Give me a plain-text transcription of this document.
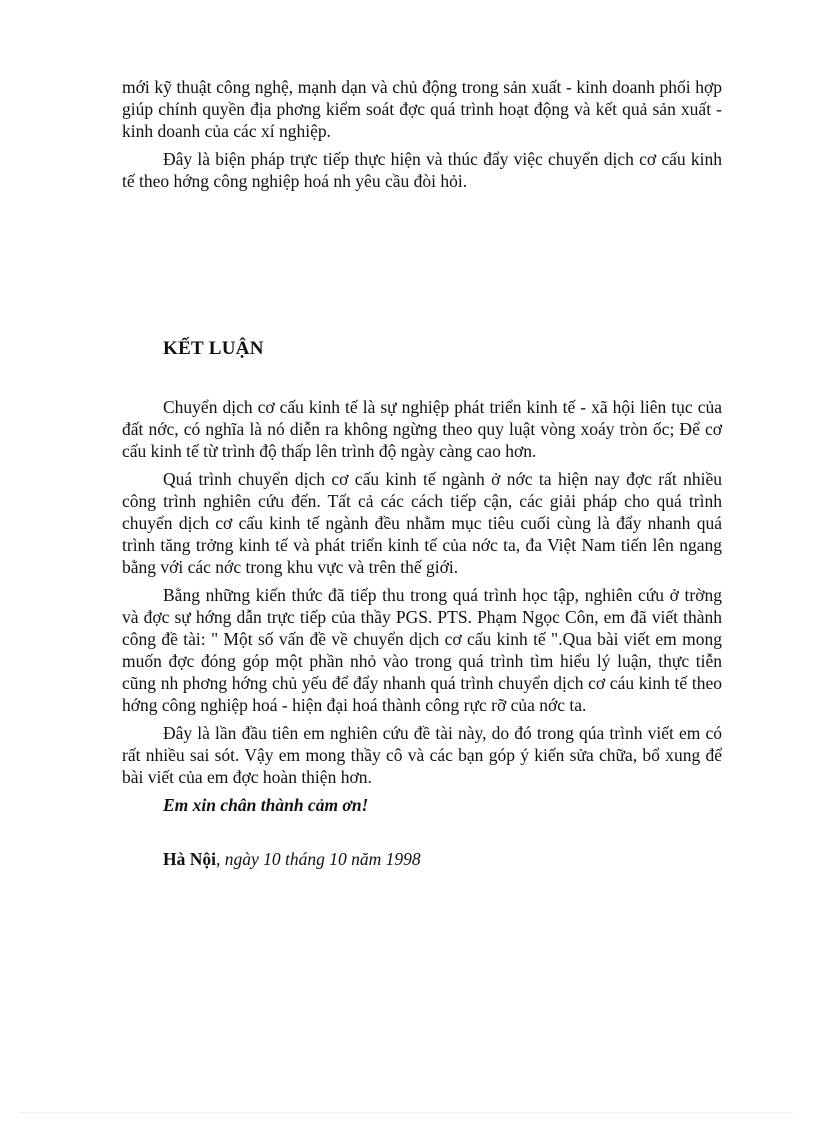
mới kỹ thuật công nghệ, mạnh dạn và chủ động trong sản xuất - kinh doanh phối hợp giúp chính quyền địa phơng kiểm soát đợc quá trình hoạt động và kết quả sản xuất - kinh doanh của các xí nghiệp.

Đây là biện pháp trực tiếp thực hiện và thúc đẩy việc chuyển dịch cơ cấu kinh tế theo hớng công nghiệp hoá nh yêu cầu đòi hỏi.

KẾT LUẬN

Chuyển dịch cơ cấu kinh tế là sự nghiệp phát triển kinh tế - xã hội liên tục của đất nớc, có nghĩa là nó diễn ra không ngừng theo quy luật vòng xoáy tròn ốc; Để cơ cấu kinh tế từ trình độ thấp lên trình độ ngày càng cao hơn.

Quá trình chuyển dịch cơ cấu kinh tế ngành ở nớc ta hiện nay đợc rất nhiều công trình nghiên cứu đến. Tất cả các cách tiếp cận, các giải pháp cho quá trình chuyển dịch cơ cấu kinh tế ngành đều nhằm mục tiêu cuối cùng là đẩy nhanh quá trình tăng trởng kinh tế và phát triển kinh tế của nớc ta, đa Việt Nam tiến lên ngang bằng với các nớc trong khu vực và trên thế giới.

Bằng những kiến thức đã tiếp thu trong quá trình học tập, nghiên cứu ở trờng và đợc sự hớng dẫn trực tiếp của thầy PGS. PTS. Phạm Ngọc Côn, em đã viết thành công đề tài: " Một số vấn đề về chuyển dịch cơ cấu kinh tế ".Qua bài viết em mong muốn đợc đóng góp một phần nhỏ vào trong quá trình tìm hiểu lý luận, thực tiễn cũng nh phơng hớng chủ yếu để đẩy nhanh quá trình chuyển dịch cơ cáu kinh tế theo hớng công nghiệp hoá - hiện đại hoá thành công rực rỡ của nớc ta.

Đây là lần đầu tiên em nghiên cứu đề tài này, do đó trong qúa trình viết em có rất nhiều sai sót. Vậy em mong thầy cô và các bạn góp ý kiến sửa chữa, bổ xung để bài viết của em đợc hoàn thiện hơn.

Em xin chân thành cảm ơn!
Hà Nội, ngày 10 tháng 10 năm 1998
